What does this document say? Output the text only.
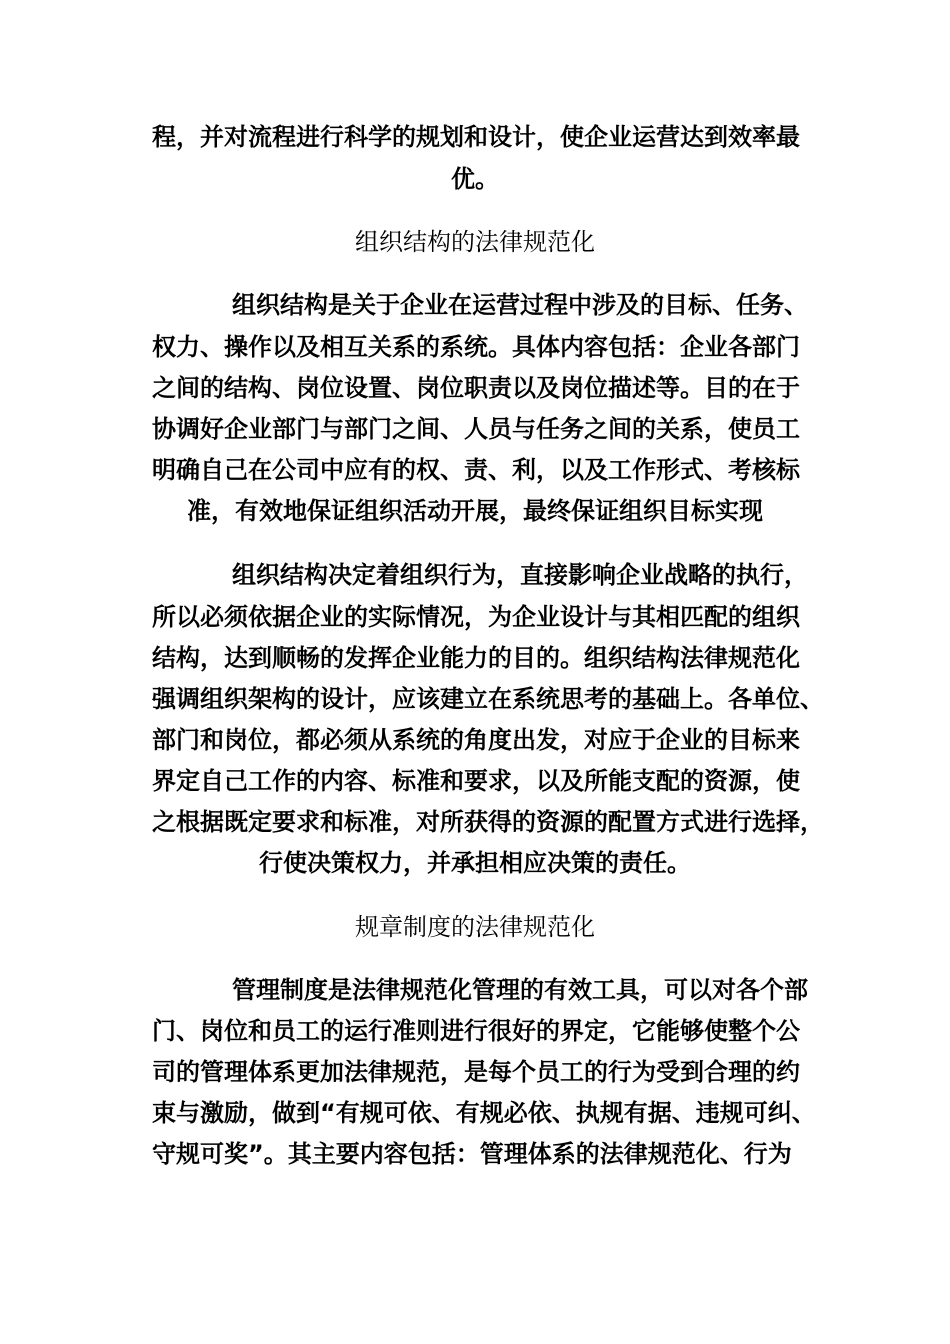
程，并对流程进行科学的规划和设计，使企业运营达到效率最

优。

组织结构的法律规范化

组织结构是关于企业在运营过程中涉及的目标、任务、

权力、操作以及相互关系的系统。具体内容包括：企业各部门

之间的结构、岗位设置、岗位职责以及岗位描述等。目的在于

协调好企业部门与部门之间、人员与任务之间的关系，使员工

明确自己在公司中应有的权、责、利，以及工作形式、考核标

准，有效地保证组织活动开展，最终保证组织目标实现

组织结构决定着组织行为，直接影响企业战略的执行，

所以必须依据企业的实际情况，为企业设计与其相匹配的组织

结构，达到顺畅的发挥企业能力的目的。组织结构法律规范化

强调组织架构的设计，应该建立在系统思考的基础上。各单位、

部门和岗位，都必须从系统的角度出发，对应于企业的目标来

界定自己工作的内容、标准和要求，以及所能支配的资源，使

之根据既定要求和标准，对所获得的资源的配置方式进行选择，

行使决策权力，并承担相应决策的责任。

规章制度的法律规范化

管理制度是法律规范化管理的有效工具，可以对各个部

门、岗位和员工的运行准则进行很好的界定，它能够使整个公

司的管理体系更加法律规范，是每个员工的行为受到合理的约

束与激励，做到“有规可依、有规必依、执规有据、违规可纠、

守规可奖”。其主要内容包括：管理体系的法律规范化、行为
